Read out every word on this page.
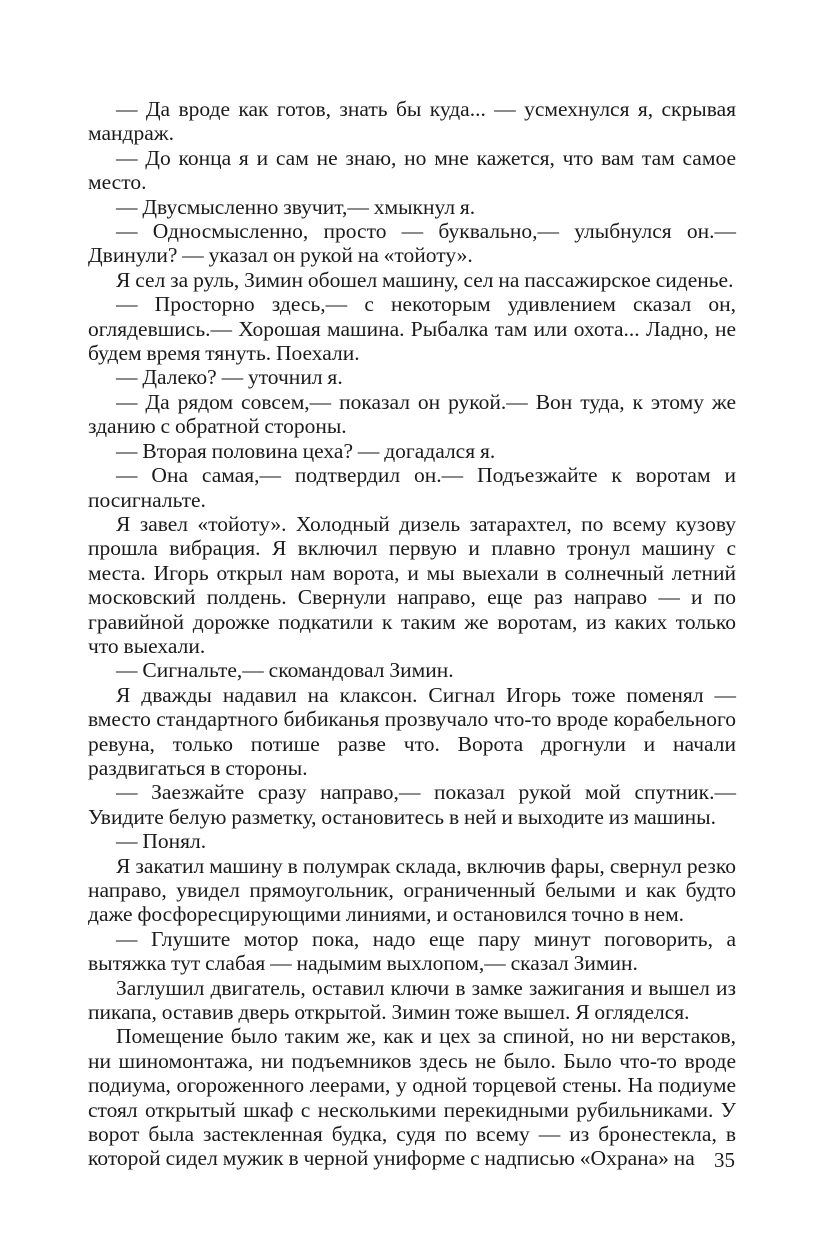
— Да вроде как готов, знать бы куда... — усмехнулся я, скрывая мандраж.

— До конца я и сам не знаю, но мне кажется, что вам там самое место.

— Двусмысленно звучит,— хмыкнул я.

— Односмысленно, просто — буквально,— улыбнулся он.— Двинули? — указал он рукой на «тойоту».

Я сел за руль, Зимин обошел машину, сел на пассажирское сиденье.

— Просторно здесь,— с некоторым удивлением сказал он, оглядевшись.— Хорошая машина. Рыбалка там или охота... Ладно, не будем время тянуть. Поехали.

— Далеко? — уточнил я.

— Да рядом совсем,— показал он рукой.— Вон туда, к этому же зданию с обратной стороны.

— Вторая половина цеха? — догадался я.

— Она самая,— подтвердил он.— Подъезжайте к воротам и посигнальте.

Я завел «тойоту». Холодный дизель затарахтел, по всему кузову прошла вибрация. Я включил первую и плавно тронул машину с места. Игорь открыл нам ворота, и мы выехали в солнечный летний московский полдень. Свернули направо, еще раз направо — и по гравийной дорожке подкатили к таким же воротам, из каких только что выехали.

— Сигнальте,— скомандовал Зимин.

Я дважды надавил на клаксон. Сигнал Игорь тоже поменял — вместо стандартного бибиканья прозвучало что-то вроде корабельного ревуна, только потише разве что. Ворота дрогнули и начали раздвигаться в стороны.

— Заезжайте сразу направо,— показал рукой мой спутник.— Увидите белую разметку, остановитесь в ней и выходите из машины.

— Понял.

Я закатил машину в полумрак склада, включив фары, свернул резко направо, увидел прямоугольник, ограниченный белыми и как будто даже фосфоресцирующими линиями, и остановился точно в нем.

— Глушите мотор пока, надо еще пару минут поговорить, а вытяжка тут слабая — надымим выхлопом,— сказал Зимин.

Заглушил двигатель, оставил ключи в замке зажигания и вышел из пикапа, оставив дверь открытой. Зимин тоже вышел. Я огляделся.

Помещение было таким же, как и цех за спиной, но ни верстаков, ни шиномонтажа, ни подъемников здесь не было. Было что-то вроде подиума, огороженного леерами, у одной торцевой стены. На подиуме стоял открытый шкаф с несколькими перекидными рубильниками. У ворот была застекленная будка, судя по всему — из бронестекла, в которой сидел мужик в черной униформе с надписью «Охрана» на 35
